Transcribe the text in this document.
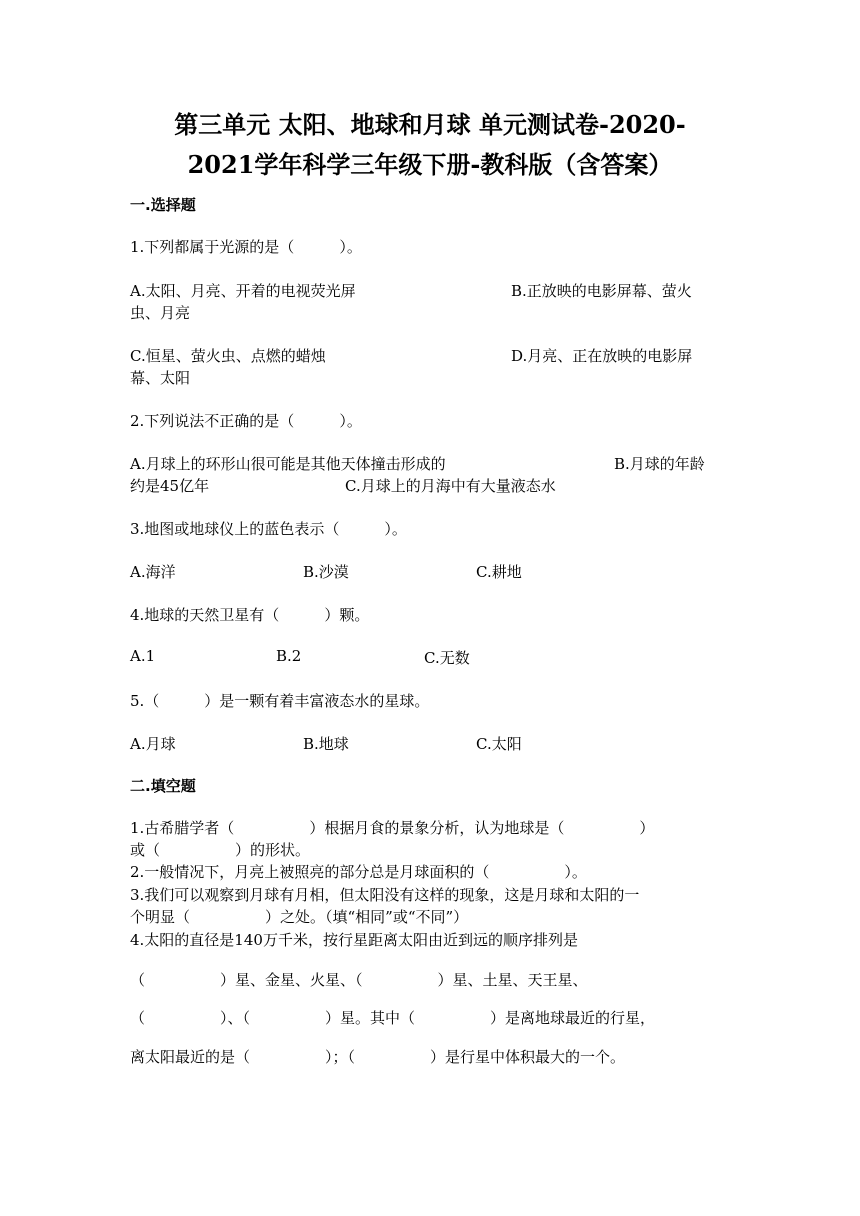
第三单元 太阳、地球和月球 单元测试卷-2020-
2021学年科学三年级下册-教科版（含答案）
一.选择题
1.下列都属于光源的是（　　　）。
A.太阳、月亮、开着的电视荧光屏	B.正放映的电影屏幕、萤火
虫、月亮
C.恒星、萤火虫、点燃的蜡烛	D.月亮、正在放映的电影屏
幕、太阳
2.下列说法不正确的是（　　　）。
A.月球上的环形山很可能是其他天体撞击形成的	B.月球的年龄
约是45亿年	C.月球上的月海中有大量液态水
3.地图或地球仪上的蓝色表示（　　　）。
A.海洋	B.沙漠	C.耕地
4.地球的天然卫星有（　　　）颗。
A.1	B.2	C.无数
5.（　　　）是一颗有着丰富液态水的星球。
A.月球	B.地球	C.太阳
二.填空题
1.古希腊学者（　　　　　）根据月食的景象分析，认为地球是（　　　　　）
或（　　　　　）的形状。
2.一般情况下，月亮上被照亮的部分总是月球面积的（　　　　　）。
3.我们可以观察到月球有月相，但太阳没有这样的现象，这是月球和太阳的一
个明显（　　　　　）之处。（填“相同”或“不同”）
4.太阳的直径是140万千米，按行星距离太阳由近到远的顺序排列是
（　　　　　）星、金星、火星、（　　　　　）星、土星、天王星、
（　　　　　）、（　　　　　）星。其中（　　　　　）是离地球最近的行星，
离太阳最近的是（　　　　　）；（　　　　　）是行星中体积最大的一个。
